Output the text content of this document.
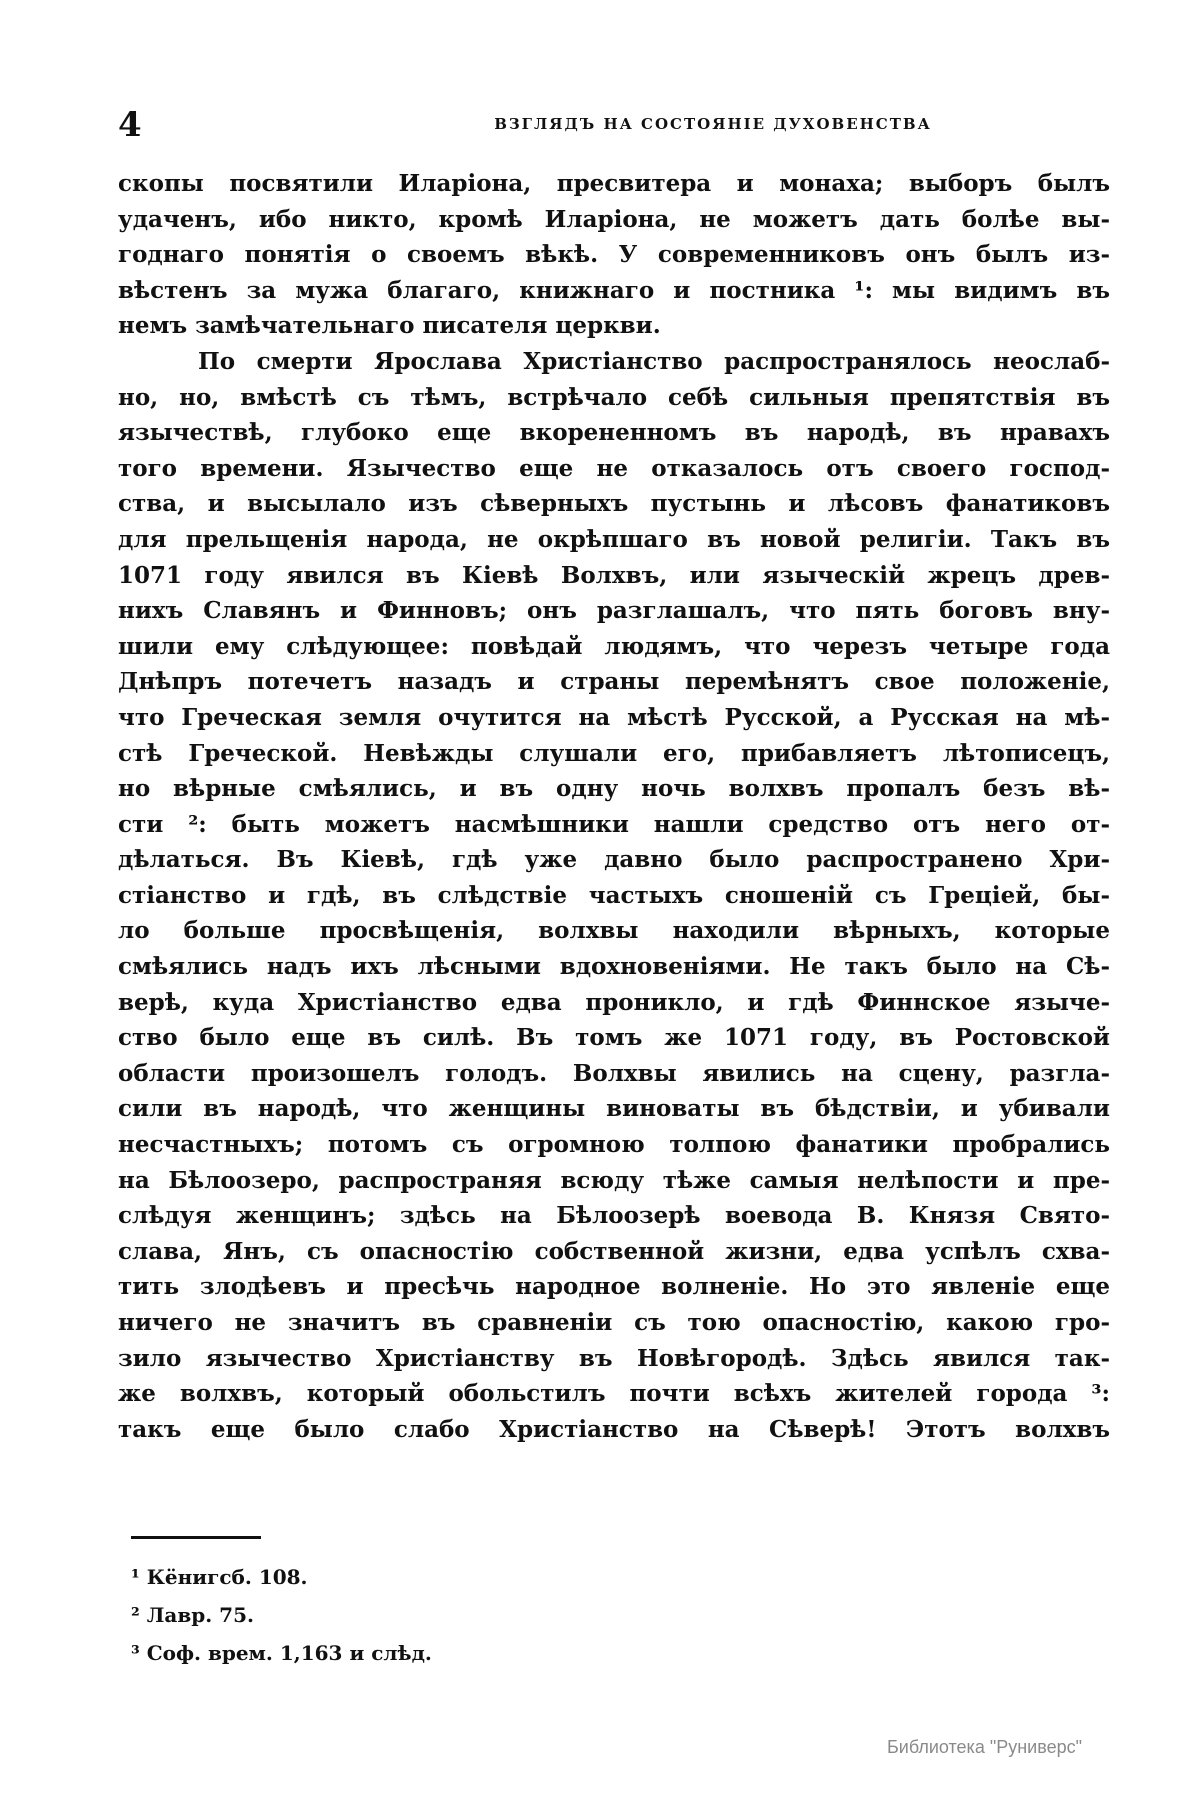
4	ВЗГЛЯДЪ НА СОСТОЯНІЕ ДУХОВЕНСТВА
скопы посвятили Иларіона, пресвитера и монаха; выборъ былъ
удаченъ, ибо никто, кромѣ Иларіона, не можетъ дать болѣе вы-
годнаго понятія о своемъ вѣкѣ. У современниковъ онъ былъ из-
вѣстенъ за мужа благаго, книжнаго и постника ¹: мы видимъ въ
немъ замѣчательнаго писателя церкви.
По смерти Ярослава Христіанство распространялось неослаб-
но, но, вмѣстѣ съ тѣмъ, встрѣчало себѣ сильныя препятствія въ
язычествѣ, глубоко еще вкорененномъ въ народѣ, въ нравахъ
того времени. Язычество еще не отказалось отъ своего господ-
ства, и высылало изъ сѣверныхъ пустынь и лѣсовъ фанатиковъ
для прельщенія народа, не окрѣпшаго въ новой религіи. Такъ въ
1071 году явился въ Кіевѣ Волхвъ, или языческій жрецъ древ-
нихъ Славянъ и Финновъ; онъ разглашалъ, что пять боговъ вну-
шили ему слѣдующее: повѣдай людямъ, что черезъ четыре года
Днѣпръ потечетъ назадъ и страны перемѣнятъ свое положеніе,
что Греческая земля очутится на мѣстѣ Русской, а Русская на мѣ-
стѣ Греческой. Невѣжды слушали его, прибавляетъ лѣтописецъ,
но вѣрные смѣялись, и въ одну ночь волхвъ пропалъ безъ вѣ-
сти ²: быть можетъ насмѣшники нашли средство отъ него от-
дѣлаться. Въ Кіевѣ, гдѣ уже давно было распространено Хри-
стіанство и гдѣ, въ слѣдствіе частыхъ сношеній съ Греціей, бы-
ло больше просвѣщенія, волхвы находили вѣрныхъ, которые
смѣялись надъ ихъ лѣсными вдохновеніями. Не такъ было на Сѣ-
верѣ, куда Христіанство едва проникло, и гдѣ Финнское языче-
ство было еще въ силѣ. Въ томъ же 1071 году, въ Ростовской
области произошелъ голодъ. Волхвы явились на сцену, разгла-
сили въ народѣ, что женщины виноваты въ бѣдствіи, и убивали
несчастныхъ; потомъ съ огромною толпою фанатики пробрались
на Бѣлоозеро, распространяя всюду тѣже самыя нелѣпости и пре-
слѣдуя женщинъ; здѣсь на Бѣлоозерѣ воевода В. Князя Свято-
слава, Янъ, съ опасностію собственной жизни, едва успѣлъ схва-
тить злодѣевъ и пресѣчь народное волненіе. Но это явленіе еще
ничего не значитъ въ сравненіи съ тою опасностію, какою гро-
зило язычество Христіанству въ Новѣгородѣ. Здѣсь явился так-
же волхвъ, который обольстилъ почти всѣхъ жителей города ³:
такъ еще было слабо Христіанство на Сѣверѣ! Этотъ волхвъ
¹ Кёнигсб. 108.
² Лавр. 75.
³ Соф. врем. 1,163 и слѣд.
Библиотека "Руниверс"
